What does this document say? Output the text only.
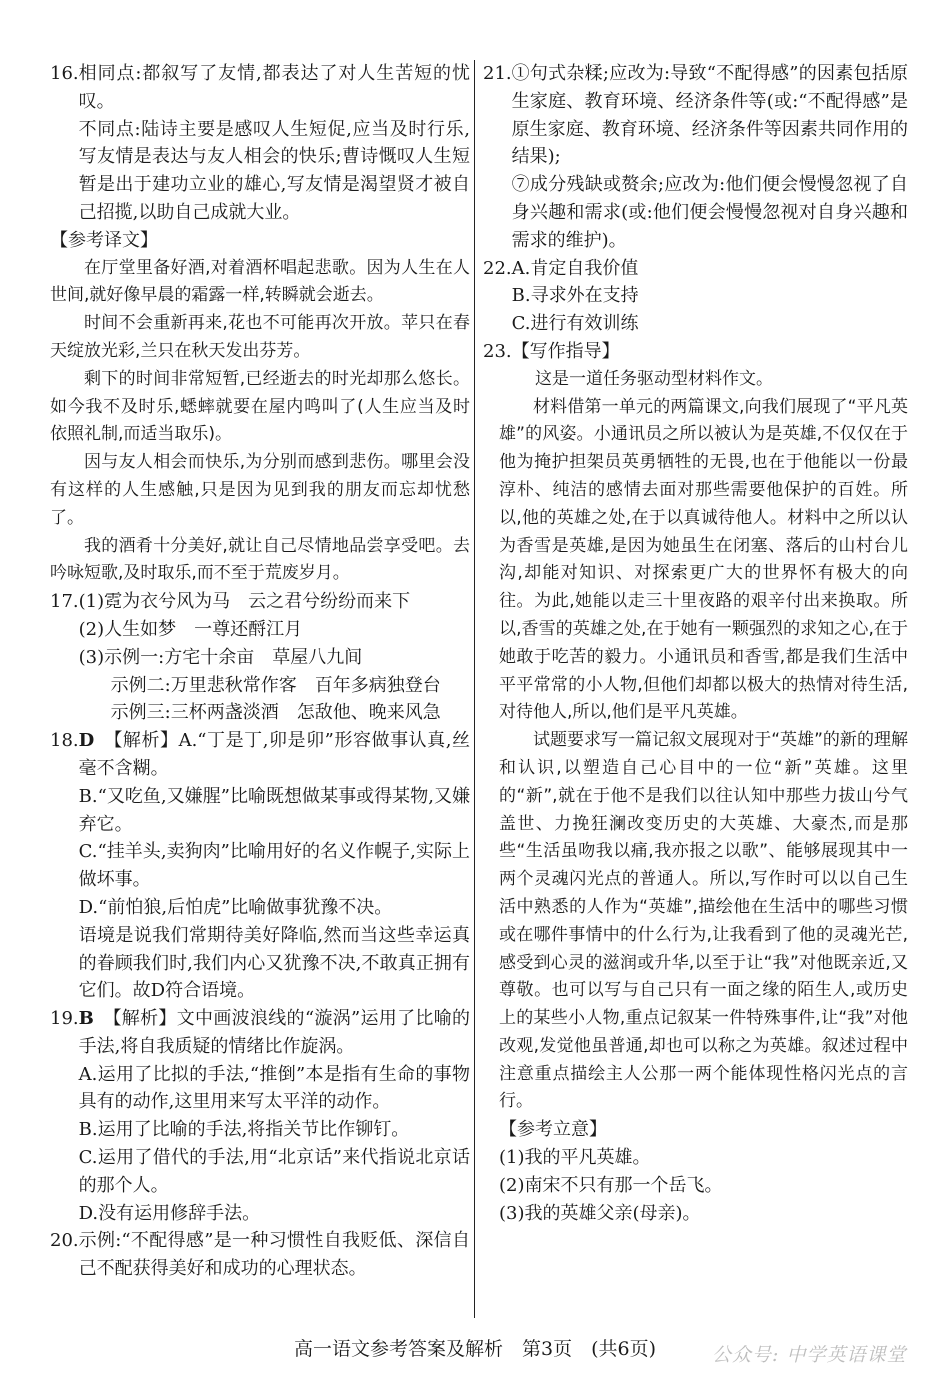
16. 相同点:都叙写了友情,都表达了对人生苦短的忧叹。

不同点:陆诗主要是感叹人生短促,应当及时行乐,写友情是表达与友人相会的快乐;曹诗慨叹人生短暂是出于建功立业的雄心,写友情是渴望贤才被自己招揽,以助自己成就大业。

【参考译文】

在厅堂里备好酒,对着酒杯唱起悲歌。因为人生在人世间,就好像早晨的霜露一样,转瞬就会逝去。

时间不会重新再来,花也不可能再次开放。苹只在春天绽放光彩,兰只在秋天发出芬芳。

剩下的时间非常短暂,已经逝去的时光却那么悠长。如今我不及时乐,蟋蟀就要在屋内鸣叫了(人生应当及时依照礼制,而适当取乐)。

因与友人相会而快乐,为分别而感到悲伤。哪里会没有这样的人生感触,只是因为见到我的朋友而忘却忧愁了。

我的酒肴十分美好,就让自己尽情地品尝享受吧。去吟咏短歌,及时取乐,而不至于荒废岁月。

17. (1)霓为衣兮风为马　云之君兮纷纷而来下

(2)人生如梦　一尊还酹江月

(3)示例一:方宅十余亩　草屋八九间

示例二:万里悲秋常作客　百年多病独登台

示例三:三杯两盏淡酒　怎敌他、晚来风急

18. D　 【解析】A.“丁是丁,卯是卯”形容做事认真,丝毫不含糊。

B.“又吃鱼,又嫌腥”比喻既想做某事或得某物,又嫌弃它。

C.“挂羊头,卖狗肉”比喻用好的名义作幌子,实际上做坏事。

D.“前怕狼,后怕虎”比喻做事犹豫不决。

语境是说我们常期待美好降临,然而当这些幸运真的眷顾我们时,我们内心又犹豫不决,不敢真正拥有它们。故D符合语境。

19. B　 【解析】文中画波浪线的“漩涡”运用了比喻的手法,将自我质疑的情绪比作旋涡。

A.运用了比拟的手法,“推倒”本是指有生命的事物具有的动作,这里用来写太平洋的动作。

B.运用了比喻的手法,将指关节比作铆钉。

C.运用了借代的手法,用“北京话”来代指说北京话的那个人。

D.没有运用修辞手法。

20. 示例:“不配得感”是一种习惯性自我贬低、深信自己不配获得美好和成功的心理状态。

21. ①句式杂糅;应改为:导致“不配得感”的因素包括原生家庭、教育环境、经济条件等(或:“不配得感”是原生家庭、教育环境、经济条件等因素共同作用的结果);

⑦成分残缺或赘余;应改为:他们便会慢慢忽视了自身兴趣和需求(或:他们便会慢慢忽视对自身兴趣和需求的维护)。

22. A.肯定自我价值

B.寻求外在支持

C.进行有效训练

23. 【写作指导】

这是一道任务驱动型材料作文。

材料借第一单元的两篇课文,向我们展现了“平凡英雄”的风姿。小通讯员之所以被认为是英雄,不仅仅在于他为掩护担架员英勇牺牲的无畏,也在于他能以一份最淳朴、纯洁的感情去面对那些需要他保护的百姓。所以,他的英雄之处,在于以真诚待他人。材料中之所以认为香雪是英雄,是因为她虽生在闭塞、落后的山村台儿沟,却能对知识、对探索更广大的世界怀有极大的向往。为此,她能以走三十里夜路的艰辛付出来换取。所以,香雪的英雄之处,在于她有一颗强烈的求知之心,在于她敢于吃苦的毅力。小通讯员和香雪,都是我们生活中平平常常的小人物,但他们却都以极大的热情对待生活,对待他人,所以,他们是平凡英雄。

试题要求写一篇记叙文展现对于“英雄”的新的理解和认识,以塑造自己心目中的一位“新”英雄。这里的“新”,就在于他不是我们以往认知中那些力拔山兮气盖世、力挽狂澜改变历史的大英雄、大豪杰,而是那些“生活虽吻我以痛,我亦报之以歌”、能够展现其中一两个灵魂闪光点的普通人。所以,写作时可以以自己生活中熟悉的人作为“英雄”,描绘他在生活中的哪些习惯或在哪件事情中的什么行为,让我看到了他的灵魂光芒,感受到心灵的滋润或升华,以至于让“我”对他既亲近,又尊敬。也可以写与自己只有一面之缘的陌生人,或历史上的某些小人物,重点记叙某一件特殊事件,让“我”对他改观,发觉他虽普通,却也可以称之为英雄。叙述过程中注意重点描绘主人公那一两个能体现性格闪光点的言行。

【参考立意】

(1)我的平凡英雄。

(2)南宋不只有那一个岳飞。

(3)我的英雄父亲(母亲)。

高一语文参考答案及解析　第3页　(共6页)	公众号: 中学英语课堂
